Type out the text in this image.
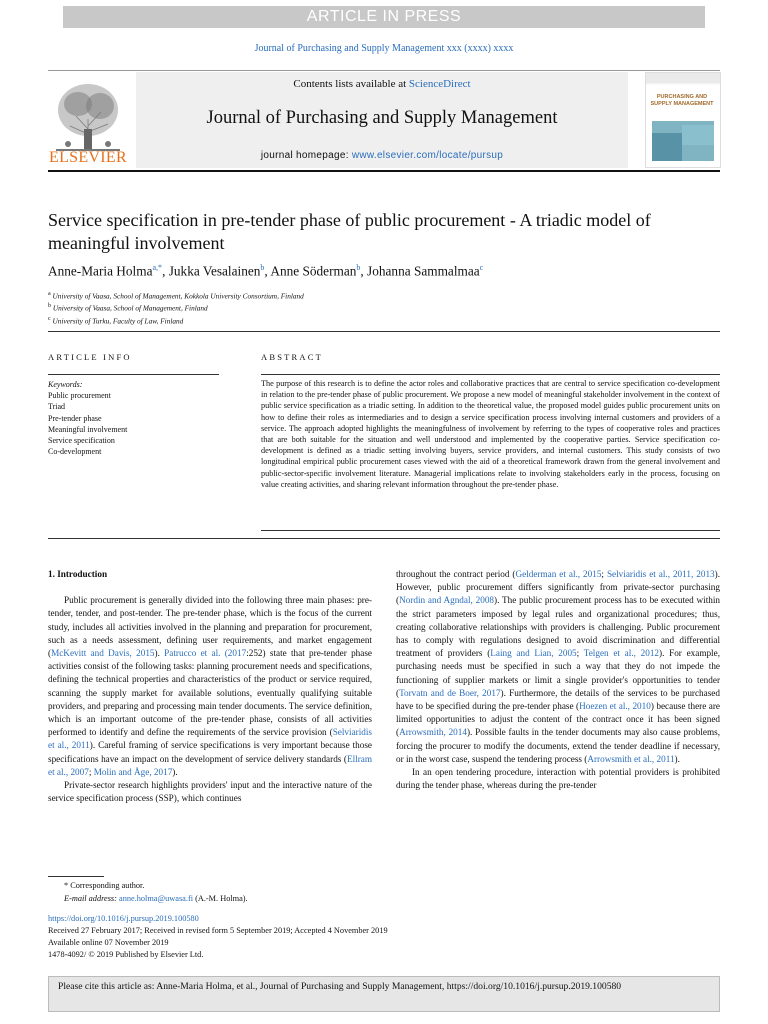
ARTICLE IN PRESS
Journal of Purchasing and Supply Management xxx (xxxx) xxxx
ELSEVIER
Contents lists available at ScienceDirect
Journal of Purchasing and Supply Management
journal homepage: www.elsevier.com/locate/pursup
PURCHASING AND SUPPLY MANAGEMENT
Service specification in pre-tender phase of public procurement - A triadic model of meaningful involvement
Anne-Maria Holma$^{a,*}$, Jukka Vesalainen$^b$, Anne Söderman$^b$, Johanna Sammalmaa$^c$
$^a$ University of Vaasa, School of Management, Kokkola University Consortium, Finland
$^b$ University of Vaasa, School of Management, Finland
$^c$ University of Turku, Faculty of Law, Finland
ARTICLE INFO	ABSTRACT
Keywords:
Public procurement
Triad
Pre-tender phase
Meaningful involvement
Service specification
Co-development
The purpose of this research is to define the actor roles and collaborative practices that are central to service specification co-development in relation to the pre-tender phase of public procurement. We propose a new model of meaningful stakeholder involvement in the context of public service specification as a triadic setting. In addition to the theoretical value, the proposed model guides public procurement units on how to define their roles as intermediaries and to design a service specification process involving internal customers and providers of a service. The approach adopted highlights the meaningfulness of involvement by referring to the types of cooperative roles and practices that are both suitable for the situation and well understood and implemented by the cooperative parties. Service specification co-development is defined as a triadic setting involving buyers, service providers, and internal customers. This study consists of two longitudinal empirical public procurement cases viewed with the aid of a theoretical framework drawn from the general involvement and public-sector-specific involvement literature. Managerial implications relate to involving stakeholders early in the process, focusing on value creating activities, and sharing relevant information throughout the pre-tender phase.

1. Introduction

Public procurement is generally divided into the following three main phases: pre-tender, tender, and post-tender. The pre-tender phase, which is the focus of the current study, includes all activities involved in the planning and preparation for procurement, such as a needs assessment, defining user requirements, and market engagement (McKevitt and Davis, 2015). Patrucco et al. (2017:252) state that pre-tender phase activities consist of the following tasks: planning procurement needs and specifications, defining the technical properties and characteristics of the product or service required, scanning the supply market for available solutions, eventually qualifying suitable providers, and preparing and processing main tender documents. The service definition, which is an important outcome of the pre-tender phase, consists of all activities performed to identify and define the requirements of the service provision (Selviaridis et al., 2011). Careful framing of service specifications is very important because those specifications have an impact on the development of service delivery standards (Ellram et al., 2007; Molin and Åge, 2017).

Private-sector research highlights providers' input and the interactive nature of the service specification process (SSP), which continues

throughout the contract period (Gelderman et al., 2015; Selviaridis et al., 2011, 2013). However, public procurement differs significantly from private-sector purchasing (Nordin and Agndal, 2008). The public procurement process has to be executed within the strict parameters imposed by legal rules and organizational procedures; thus, creating collaborative relationships with providers is challenging. Public procurement has to comply with regulations designed to avoid discrimination and differential treatment of providers (Laing and Lian, 2005; Telgen et al., 2012). For example, purchasing needs must be specified in such a way that they do not impede the functioning of supplier markets or limit a single provider's opportunities to tender (Torvatn and de Boer, 2017). Furthermore, the details of the services to be purchased have to be specified during the pre-tender phase (Hoezen et al., 2010) because there are limited opportunities to adjust the content of the contract once it has been signed (Arrowsmith, 2014). Possible faults in the tender documents may also cause problems, forcing the procurer to modify the documents, extend the tender deadline if necessary, or in the worst case, suspend the tendering process (Arrowsmith et al., 2011).

In an open tendering procedure, interaction with potential providers is prohibited during the tender phase, whereas during the pre-tender

* Corresponding author.
E-mail address: anne.holma@uwasa.fi (A.-M. Holma).
https://doi.org/10.1016/j.pursup.2019.100580
Received 27 February 2017; Received in revised form 5 September 2019; Accepted 4 November 2019
Available online 07 November 2019
1478-4092/ © 2019 Published by Elsevier Ltd.
Please cite this article as: Anne-Maria Holma, et al., Journal of Purchasing and Supply Management, https://doi.org/10.1016/j.pursup.2019.100580
